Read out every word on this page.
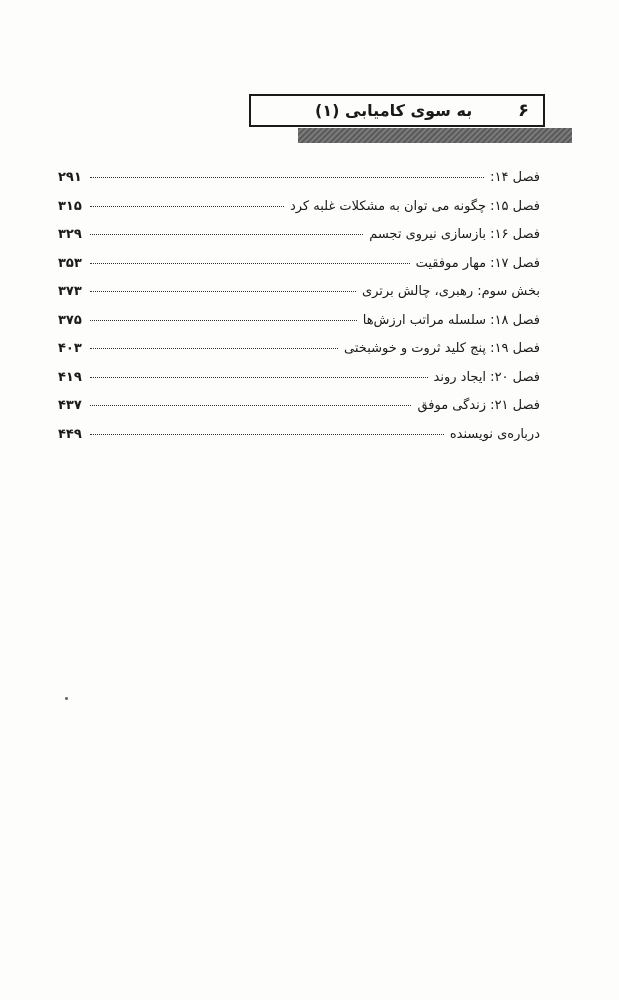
۶
به سوی کامیابی (۱)
فصل ۱۴:
۲۹۱
فصل ۱۵: چگونه می توان به مشکلات غلبه کرد
۳۱۵
فصل ۱۶: بازسازی نیروی تجسم
۳۲۹
فصل ۱۷: مهار موفقیت
۳۵۳
بخش سوم: رهبری، چالش برتری
۳۷۳
فصل ۱۸: سلسله مراتب ارزش‌ها
۳۷۵
فصل ۱۹: پنج کلید ثروت و خوشبختی
۴۰۳
فصل ۲۰: ایجاد روند
۴۱۹
فصل ۲۱: زندگی موفق
۴۳۷
درباره‌ی نویسنده
۴۴۹
